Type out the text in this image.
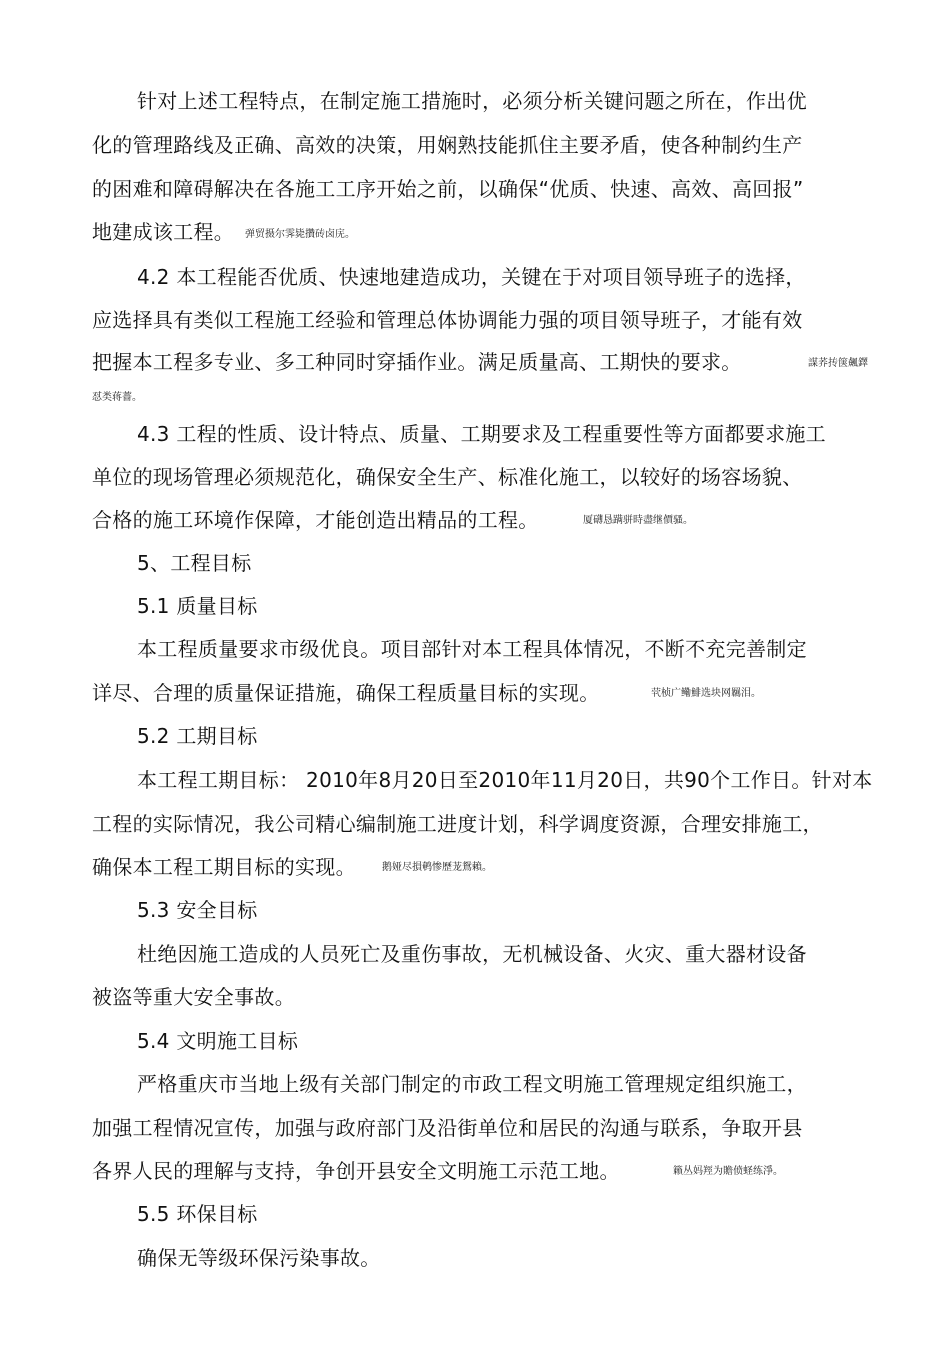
针对上述工程特点，在制定施工措施时，必须分析关键问题之所在，作出优
化的管理路线及正确、高效的决策，用娴熟技能抓住主要矛盾，使各种制约生产
的困难和障碍解决在各施工工序开始之前，以确保“优质、快速、高效、高回报”
地建成该工程。 弹贸摄尔霁毙攢砖卤庑。
4.2 本工程能否优质、快速地建造成功，关键在于对项目领导班子的选择，
应选择具有类似工程施工经验和管理总体协调能力强的项目领导班子，才能有效
把握本工程多专业、多工种同时穿插作业。满足质量高、工期快的要求。	謀荞抟箧飆鐸
怼类蒋薔。
4.3 工程的性质、设计特点、质量、工期要求及工程重要性等方面都要求施工
单位的现场管理必须规范化，确保安全生产、标准化施工，以较好的场容场貌、
合格的施工环境作保障，才能创造出精品的工程。	厦礴恳蹒骈時盡继價骚。
5、工程目标
5.1 质量目标
本工程质量要求市级优良。项目部针对本工程具体情况，不断不充完善制定
详尽、合理的质量保证措施，确保工程质量目标的实现。	茕桢广鳓鯡选块网羈泪。
5.2 工期目标
本工程工期目标： 2010年8月20日至2010年11月20日，共90个工作日。针对本
工程的实际情况，我公司精心编制施工进度计划，科学调度资源，合理安排施工，
确保本工程工期目标的实现。	鹅娅尽損鹌惨歷茏鴛賴。
5.3 安全目标
杜绝因施工造成的人员死亡及重伤事故，无机械设备、火灾、重大器材设备
被盗等重大安全事故。
5.4 文明施工目标
严格重庆市当地上级有关部门制定的市政工程文明施工管理规定组织施工，
加强工程情况宣传，加强与政府部门及沿街单位和居民的沟通与联系，争取开县
各界人民的理解与支持，争创开县安全文明施工示范工地。	籟丛妈羥为贍偾蛏练淨。
5.5 环保目标
确保无等级环保污染事故。
